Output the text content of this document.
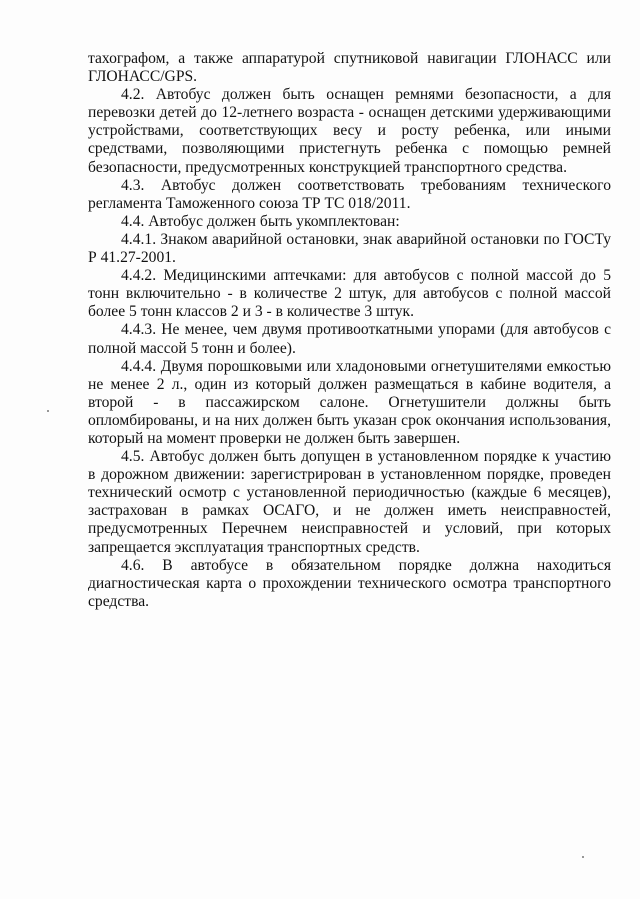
тахографом, а также аппаратурой спутниковой навигации ГЛОНАСС или ГЛОНАСС/GPS.

4.2. Автобус должен быть оснащен ремнями безопасности, а для перевозки детей до 12-летнего возраста - оснащен детскими удерживающими устройствами, соответствующих весу и росту ребенка, или иными средствами, позволяющими пристегнуть ребенка с помощью ремней безопасности, предусмотренных конструкцией транспортного средства.

4.3. Автобус должен соответствовать требованиям технического регламента Таможенного союза ТР ТС 018/2011.

4.4. Автобус должен быть укомплектован:

4.4.1. Знаком аварийной остановки, знак аварийной остановки по ГОСТу Р 41.27-2001.

4.4.2. Медицинскими аптечками: для автобусов с полной массой до 5 тонн включительно - в количестве 2 штук, для автобусов с полной массой более 5 тонн классов 2 и 3 - в количестве 3 штук.

4.4.3. Не менее, чем двумя противооткатными упорами (для автобусов с полной массой 5 тонн и более).

4.4.4. Двумя порошковыми или хладоновыми огнетушителями емкостью не менее 2 л., один из который должен размещаться в кабине водителя, а второй - в пассажирском салоне. Огнетушители должны быть опломбированы, и на них должен быть указан срок окончания использования, который на момент проверки не должен быть завершен.

4.5. Автобус должен быть допущен в установленном порядке к участию в дорожном движении: зарегистрирован в установленном порядке, проведен технический осмотр с установленной периодичностью (каждые 6 месяцев), застрахован в рамках ОСАГО, и не должен иметь неисправностей, предусмотренных Перечнем неисправностей и условий, при которых запрещается эксплуатация транспортных средств.

4.6. В автобусе в обязательном порядке должна находиться диагностическая карта о прохождении технического осмотра транспортного средства.
